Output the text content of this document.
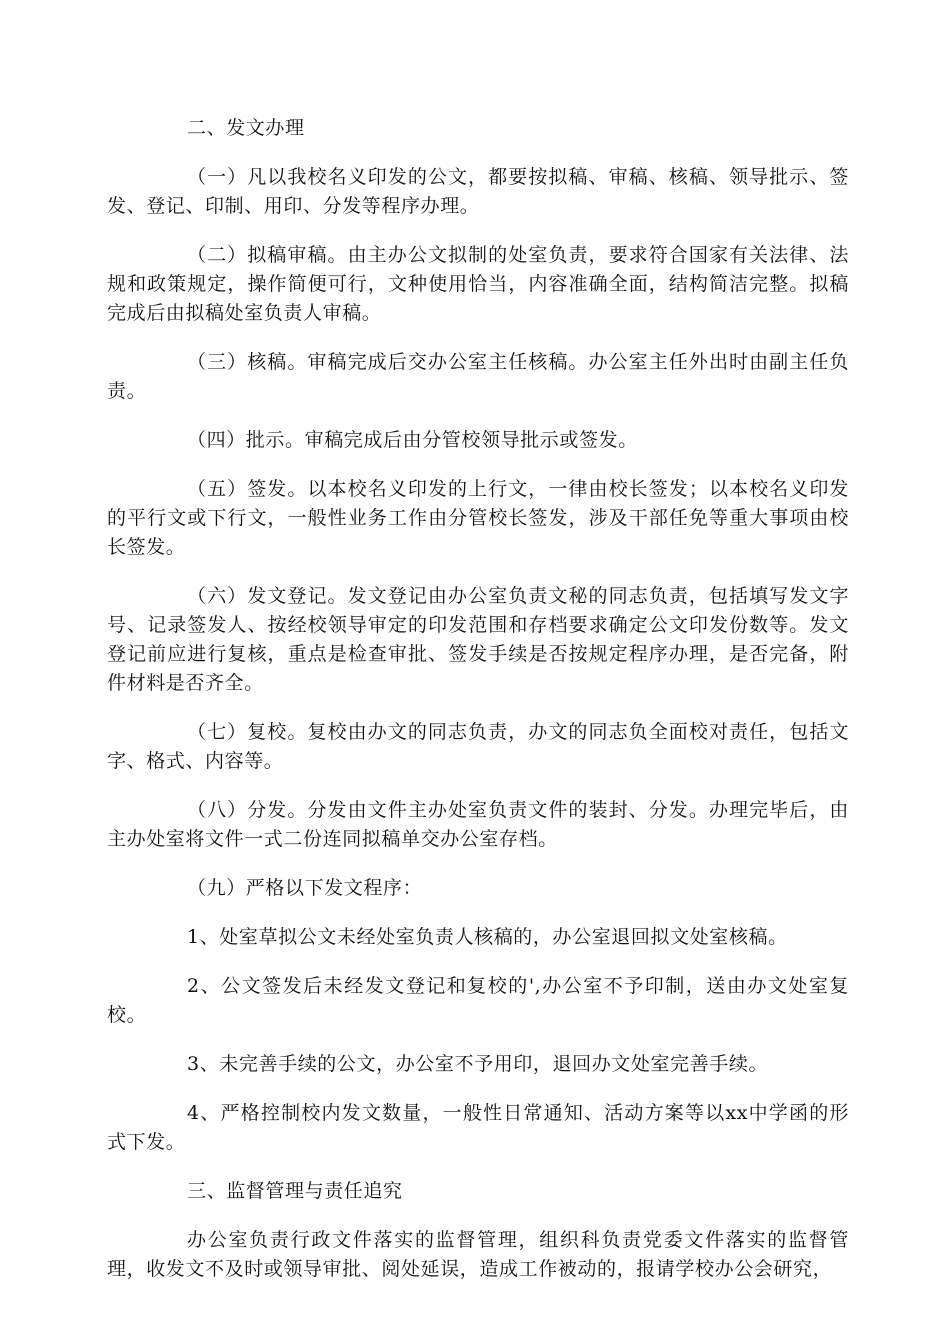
二、发文办理

（一）凡以我校名义印发的公文，都要按拟稿、审稿、核稿、领导批示、签发、登记、印制、用印、分发等程序办理。

（二）拟稿审稿。由主办公文拟制的处室负责，要求符合国家有关法律、法规和政策规定，操作简便可行，文种使用恰当，内容准确全面，结构简洁完整。拟稿完成后由拟稿处室负责人审稿。

（三）核稿。审稿完成后交办公室主任核稿。办公室主任外出时由副主任负责。

（四）批示。审稿完成后由分管校领导批示或签发。

（五）签发。以本校名义印发的上行文，一律由校长签发；以本校名义印发的平行文或下行文，一般性业务工作由分管校长签发，涉及干部任免等重大事项由校长签发。

（六）发文登记。发文登记由办公室负责文秘的同志负责，包括填写发文字号、记录签发人、按经校领导审定的印发范围和存档要求确定公文印发份数等。发文登记前应进行复核，重点是检查审批、签发手续是否按规定程序办理，是否完备，附件材料是否齐全。

（七）复校。复校由办文的同志负责，办文的同志负全面校对责任，包括文字、格式、内容等。

（八）分发。分发由文件主办处室负责文件的装封、分发。办理完毕后，由主办处室将文件一式二份连同拟稿单交办公室存档。

（九）严格以下发文程序：

1、处室草拟公文未经处室负责人核稿的，办公室退回拟文处室核稿。

2、公文签发后未经发文登记和复校的',办公室不予印制，送由办文处室复校。

3、未完善手续的公文，办公室不予用印，退回办文处室完善手续。

4、严格控制校内发文数量，一般性日常通知、活动方案等以xx中学函的形式下发。

三、监督管理与责任追究

办公室负责行政文件落实的监督管理，组织科负责党委文件落实的监督管理，收发文不及时或领导审批、阅处延误，造成工作被动的，报请学校办公会研究，
